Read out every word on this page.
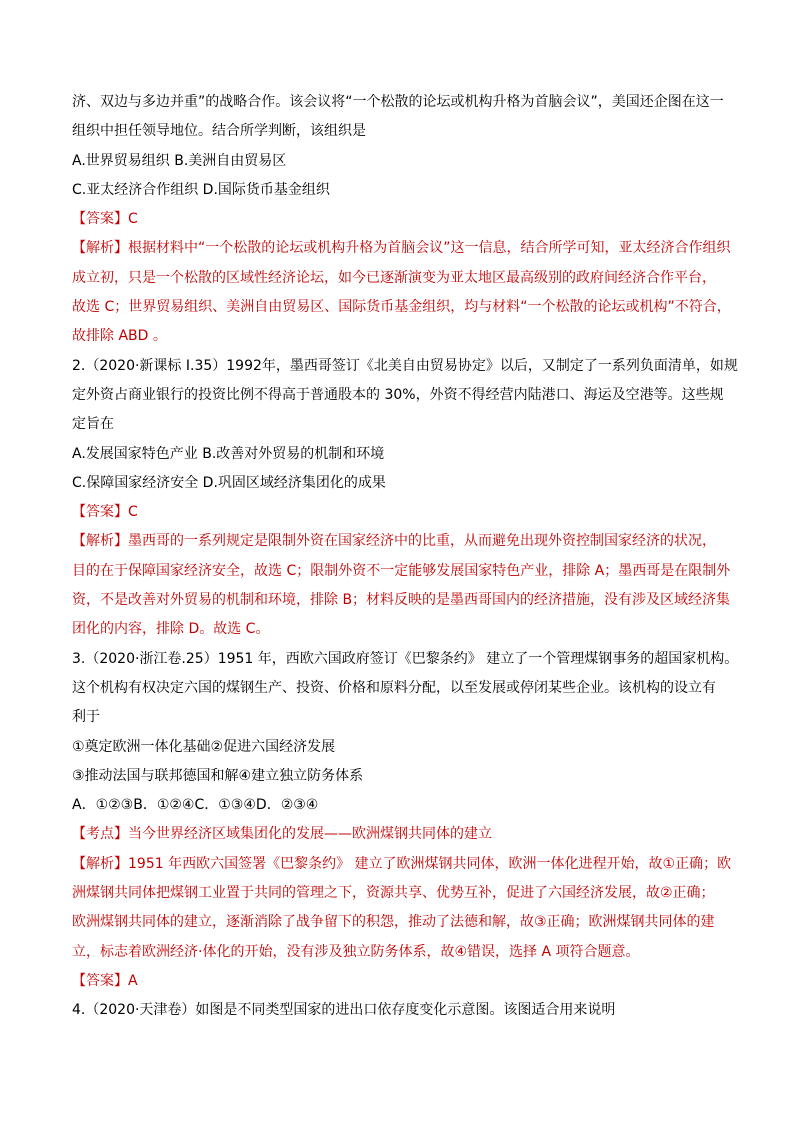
济、双边与多边并重”的战略合作。该会议将“一个松散的论坛或机构升格为首脑会议”，美国还企图在这一
组织中担任领导地位。结合所学判断，该组织是
A.世界贸易组织 B.美洲自由贸易区
C.亚太经济合作组织 D.国际货币基金组织
【答案】C
【解析】根据材料中“一个松散的论坛或机构升格为首脑会议”这一信息，结合所学可知，亚太经济合作组织
成立初，只是一个松散的区域性经济论坛，如今已逐渐演变为亚太地区最高级别的政府间经济合作平台，
故选 C；世界贸易组织、美洲自由贸易区、国际货币基金组织，均与材料“一个松散的论坛或机构”不符合，
故排除 ABD 。
2.（2020·新课标 I.35）1992年，墨西哥签订《北美自由贸易协定》以后，又制定了一系列负面清单，如规
定外资占商业银行的投资比例不得高于普通股本的 30%，外资不得经营内陆港口、海运及空港等。这些规
定旨在
A.发展国家特色产业 B.改善对外贸易的机制和环境
C.保障国家经济安全 D.巩固区域经济集团化的成果
【答案】C
【解析】墨西哥的一系列规定是限制外资在国家经济中的比重，从而避免出现外资控制国家经济的状况，
目的在于保障国家经济安全，故选 C；限制外资不一定能够发展国家特色产业，排除 A；墨西哥是在限制外
资，不是改善对外贸易的机制和环境，排除 B；材料反映的是墨西哥国内的经济措施，没有涉及区域经济集
团化的内容，排除 D。故选 C。
3.（2020·浙江卷.25）1951 年，西欧六国政府签订《巴黎条约》 建立了一个管理煤钢事务的超国家机构。
这个机构有权决定六国的煤钢生产、投资、价格和原料分配，以至发展或停闭某些企业。该机构的设立有
利于
①奠定欧洲一体化基础②促进六国经济发展
③推动法国与联邦德国和解④建立独立防务体系
A．①②③B．①②④C．①③④D．②③④
【考点】当今世界经济区域集团化的发展——欧洲煤钢共同体的建立
【解析】1951 年西欧六国签署《巴黎条约》 建立了欧洲煤钢共同体，欧洲一体化进程开始，故①正确；欧
洲煤钢共同体把煤钢工业置于共同的管理之下，资源共享、优势互补，促进了六国经济发展，故②正确；
欧洲煤钢共同体的建立，逐渐消除了战争留下的积怨，推动了法德和解，故③正确；欧洲煤钢共同体的建
立，标志着欧洲经济·体化的开始，没有涉及独立防务体系，故④错误，选择 A 项符合题意。
【答案】A
4.（2020·天津卷）如图是不同类型国家的进出口依存度变化示意图。该图适合用来说明
